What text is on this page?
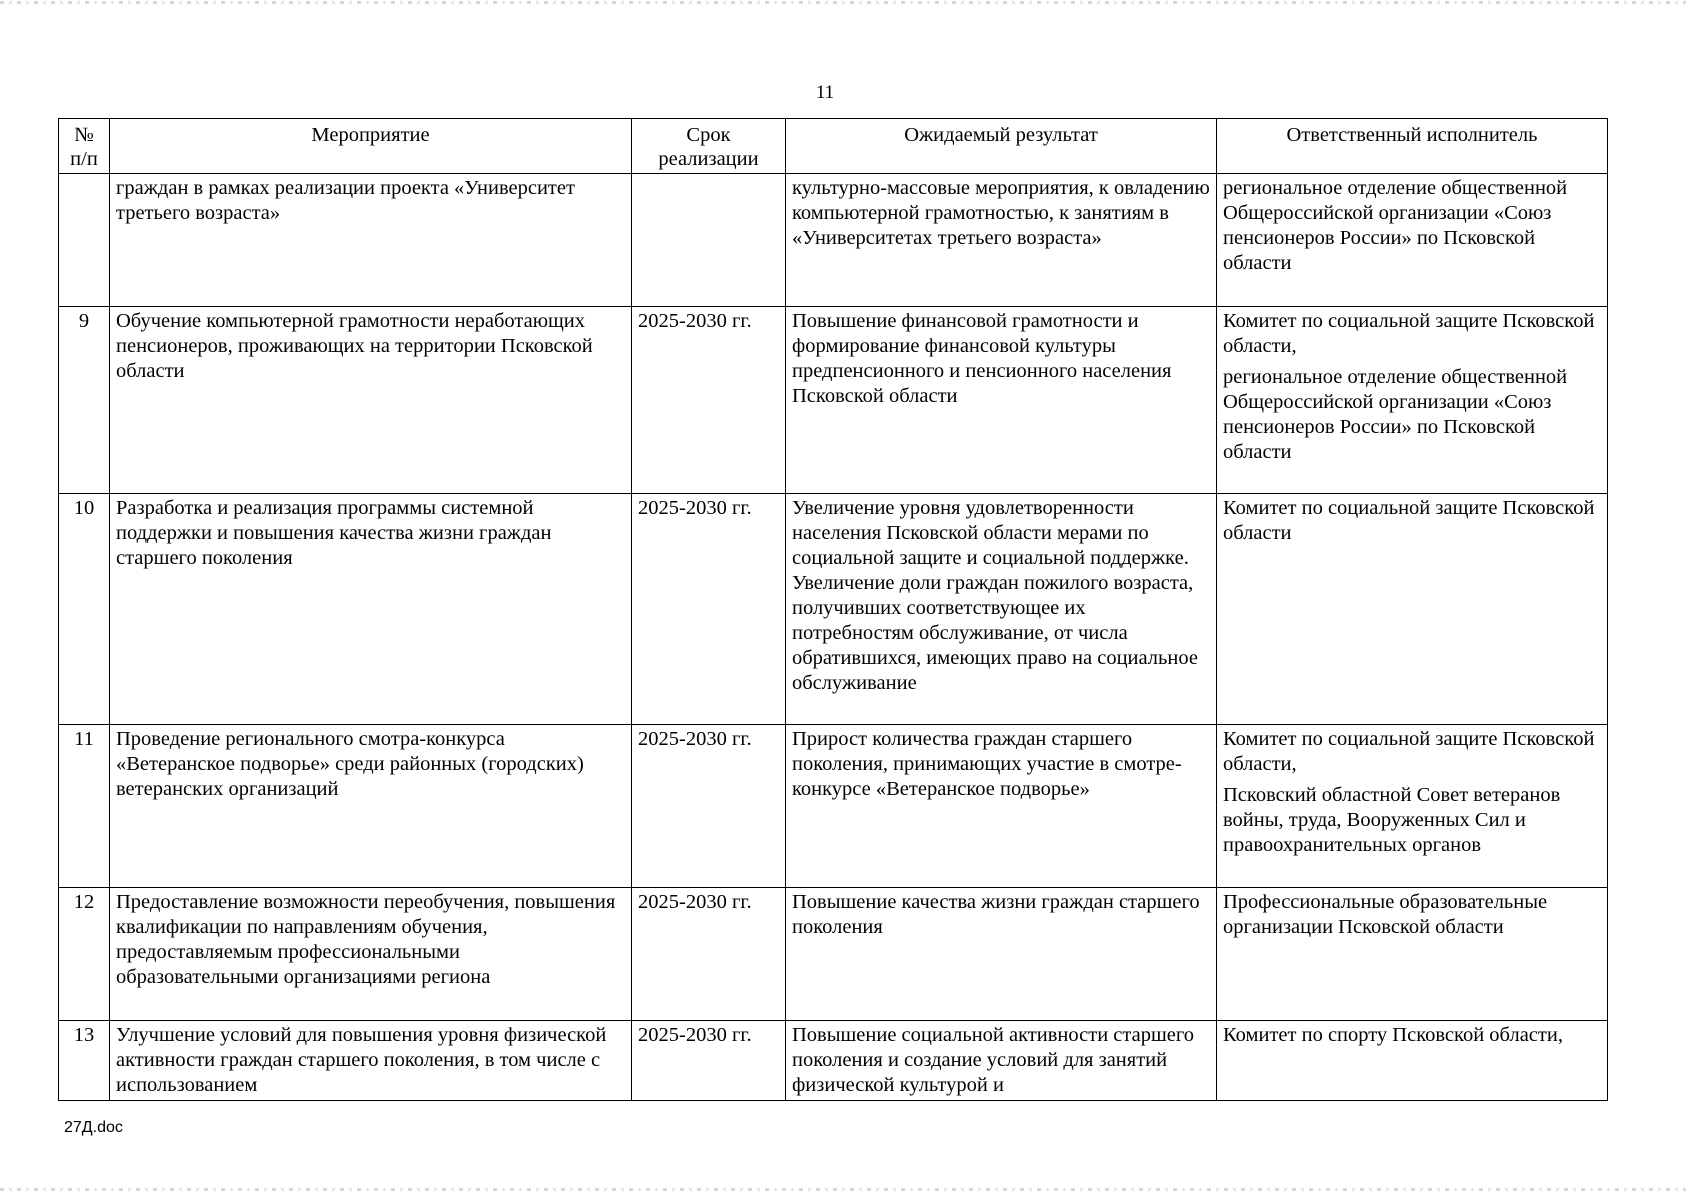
11
№ п/п	Мероприятие	Срок реализации	Ожидаемый результат	Ответственный исполнитель
	граждан в рамках реализации проекта «Университет третьего возраста»		культурно-массовые мероприятия, к овладению компьютерной грамотностью, к занятиям в «Университетах третьего возраста»	региональное отделение общественной Общероссийской организации «Союз пенсионеров России» по Псковской области

9	Обучение компьютерной грамотности неработающих пенсионеров, проживающих на территории Псковской области	2025-2030 гг.	Повышение финансовой грамотности и формирование финансовой культуры предпенсионного и пенсионного населения Псковской области	Комитет по социальной защите Псковской области,
региональное отделение общественной Общероссийской организации «Союз пенсионеров России» по Псковской области

10	Разработка и реализация программы системной поддержки и повышения качества жизни граждан старшего поколения	2025-2030 гг.	Увеличение уровня удовлетворенности населения Псковской области мерами по социальной защите и социальной поддержке. Увеличение доли граждан пожилого возраста, получивших соответствующее их потребностям обслуживание, от числа обратившихся, имеющих право на социальное обслуживание	Комитет по социальной защите Псковской области

11	Проведение регионального смотра-конкурса «Ветеранское подворье» среди районных (городских) ветеранских организаций	2025-2030 гг.	Прирост количества граждан старшего поколения, принимающих участие в смотре-конкурсе «Ветеранское подворье»	Комитет по социальной защите Псковской области,
Псковский областной Совет ветеранов войны, труда, Вооруженных Сил и правоохранительных органов

12	Предоставление возможности переобучения, повышения квалификации по направлениям обучения, предоставляемым профессиональными образовательными организациями региона	2025-2030 гг.	Повышение качества жизни граждан старшего поколения	Профессиональные образовательные организации Псковской области

13	Улучшение условий для повышения уровня физической активности граждан старшего поколения, в том числе с использованием	2025-2030 гг.	Повышение социальной активности старшего поколения и создание условий для занятий физической культурой и	Комитет по спорту Псковской области,
27Д.doc
